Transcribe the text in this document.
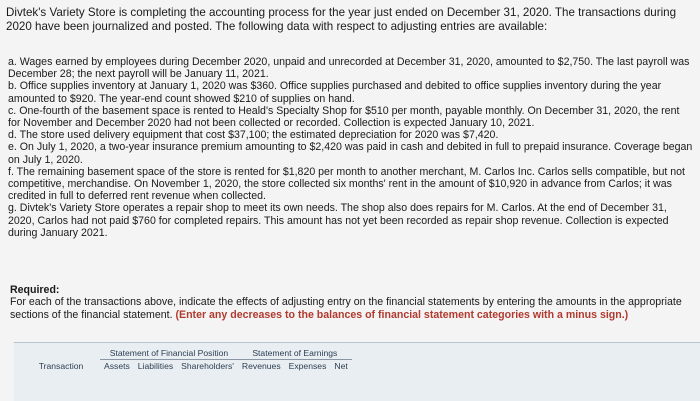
Divtek's Variety Store is completing the accounting process for the year just ended on December 31, 2020. The transactions during 2020 have been journalized and posted. The following data with respect to adjusting entries are available:
a. Wages earned by employees during December 2020, unpaid and unrecorded at December 31, 2020, amounted to $2,750. The last payroll was December 28; the next payroll will be January 11, 2021.
b. Office supplies inventory at January 1, 2020 was $360. Office supplies purchased and debited to office supplies inventory during the year amounted to $920. The year-end count showed $210 of supplies on hand.
c. One-fourth of the basement space is rented to Heald's Specialty Shop for $510 per month, payable monthly. On December 31, 2020, the rent for November and December 2020 had not been collected or recorded. Collection is expected January 10, 2021.
d. The store used delivery equipment that cost $37,100; the estimated depreciation for 2020 was $7,420.
e. On July 1, 2020, a two-year insurance premium amounting to $2,420 was paid in cash and debited in full to prepaid insurance. Coverage began on July 1, 2020.
f. The remaining basement space of the store is rented for $1,820 per month to another merchant, M. Carlos Inc. Carlos sells compatible, but not competitive, merchandise. On November 1, 2020, the store collected six months' rent in the amount of $10,920 in advance from Carlos; it was credited in full to deferred rent revenue when collected.
g. Divtek's Variety Store operates a repair shop to meet its own needs. The shop also does repairs for M. Carlos. At the end of December 31, 2020, Carlos had not paid $760 for completed repairs. This amount has not yet been recorded as repair shop revenue. Collection is expected during January 2021.
Required:
For each of the transactions above, indicate the effects of adjusting entry on the financial statements by entering the amounts in the appropriate sections of the financial statement. (Enter any decreases to the balances of financial statement categories with a minus sign.)
	Statement of Financial Position			Statement of Earnings		
Transaction	Assets	Liabilities	Shareholders'	Revenues	Expenses	Net
